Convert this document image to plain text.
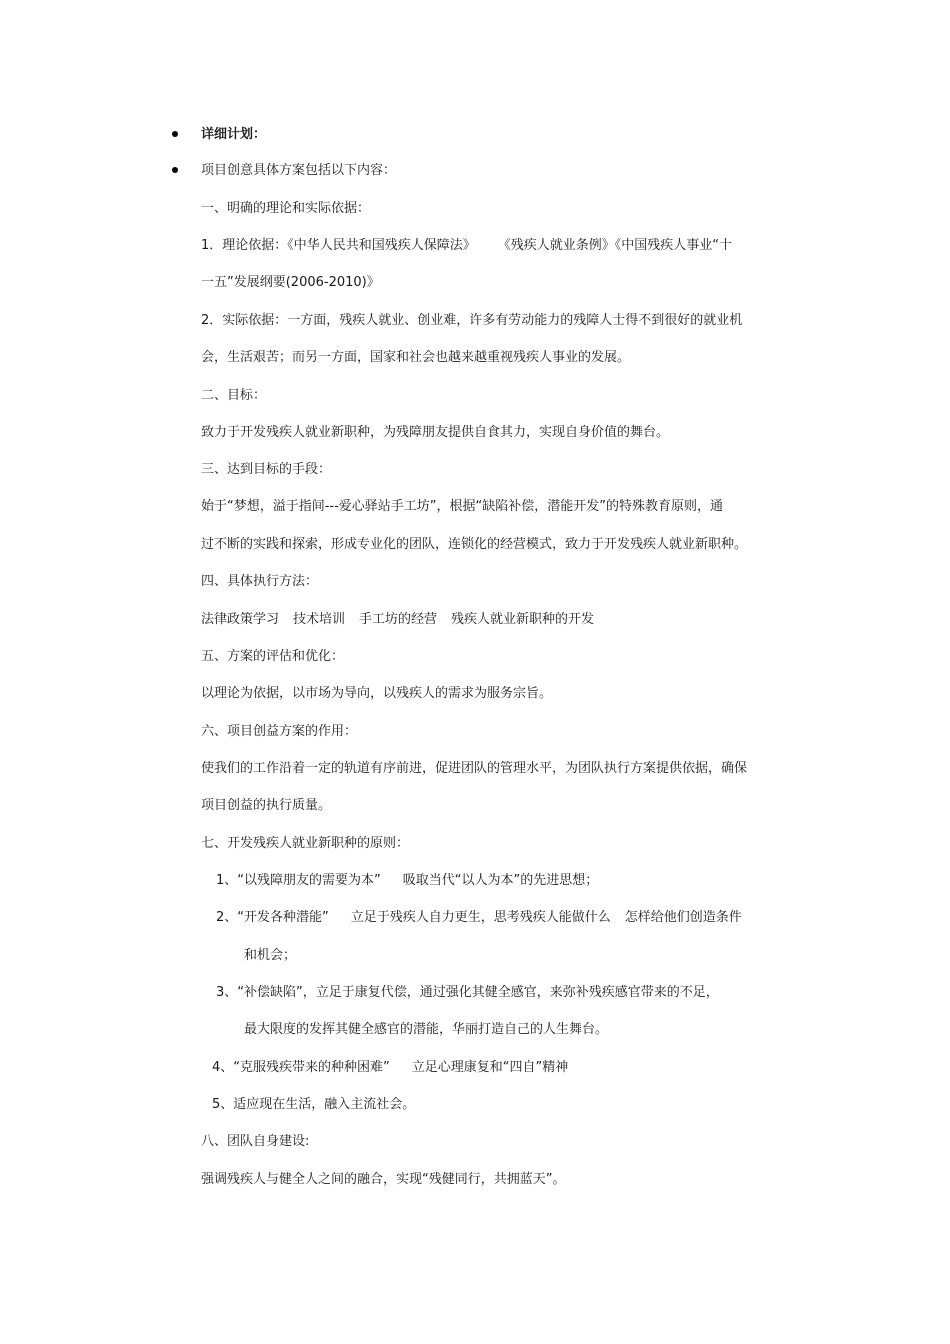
详细计划：
项目创意具体方案包括以下内容：
一、明确的理论和实际依据：
1．理论依据：《中华人民共和国残疾人保障法》 《残疾人就业条例》《中国残疾人事业“十
一五”发展纲要(2006-2010)》
2．实际依据：一方面，残疾人就业、创业难，许多有劳动能力的残障人士得不到很好的就业机
会，生活艰苦；而另一方面，国家和社会也越来越重视残疾人事业的发展。
二、目标：
致力于开发残疾人就业新职种，为残障朋友提供自食其力，实现自身价值的舞台。
三、达到目标的手段：
始于“梦想，溢于指间---爱心驿站手工坊”，根据“缺陷补偿，潜能开发”的特殊教育原则，通
过不断的实践和探索，形成专业化的团队，连锁化的经营模式，致力于开发残疾人就业新职种。
四、具体执行方法：
法律政策学习 技术培训 手工坊的经营 残疾人就业新职种的开发
五、方案的评估和优化：
以理论为依据，以市场为导向，以残疾人的需求为服务宗旨。
六、项目创益方案的作用：
使我们的工作沿着一定的轨道有序前进，促进团队的管理水平，为团队执行方案提供依据，确保
项目创益的执行质量。
七、开发残疾人就业新职种的原则：
1、“以残障朋友的需要为本” 吸取当代“以人为本”的先进思想；
2、“开发各种潜能” 立足于残疾人自力更生，思考残疾人能做什么 怎样给他们创造条件
和机会；
3、“补偿缺陷”，立足于康复代偿，通过强化其健全感官，来弥补残疾感官带来的不足，
最大限度的发挥其健全感官的潜能，华丽打造自己的人生舞台。
4、“克服残疾带来的种种困难” 立足心理康复和“四自”精神
5、适应现在生活，融入主流社会。
八、团队自身建设:
强调残疾人与健全人之间的融合，实现“残健同行，共拥蓝天”。
